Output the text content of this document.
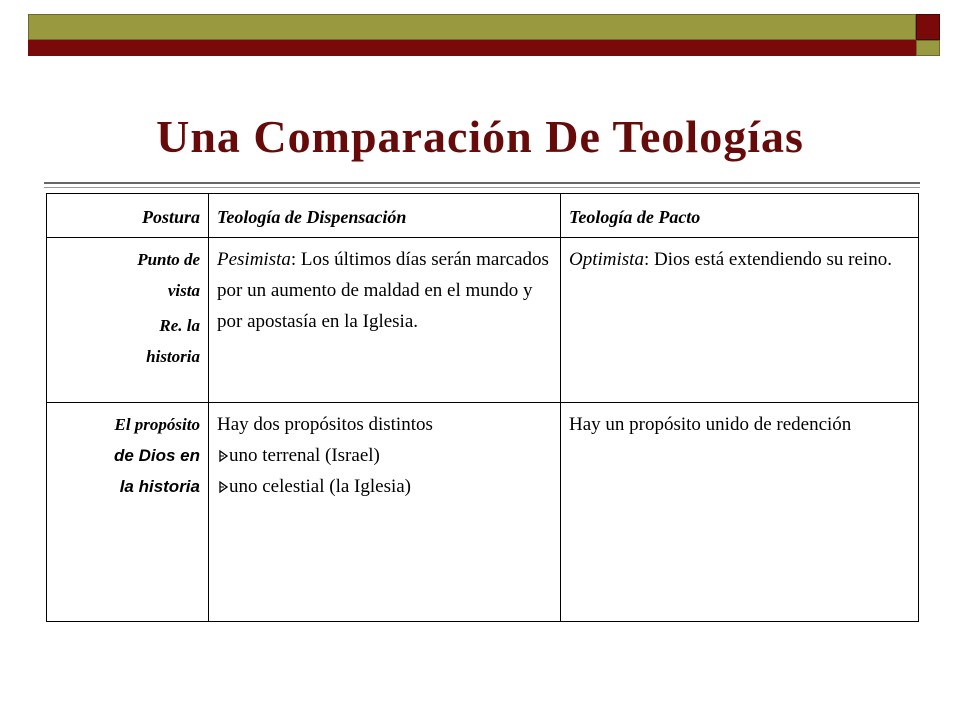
Una Comparación De Teologías
Postura	Teología de Dispensación	Teología de Pacto

Punto de
vista
Re. la
historia	Pesimista: Los últimos días serán marcados por un aumento de maldad en el mundo y por apostasía en la Iglesia.	Optimista: Dios está extendiendo su reino.

El propósito
de Dios en
la historia	Hay dos propósitos distintos
uno terrenal (Israel)
uno celestial (la Iglesia)	Hay un propósito unido de redención
